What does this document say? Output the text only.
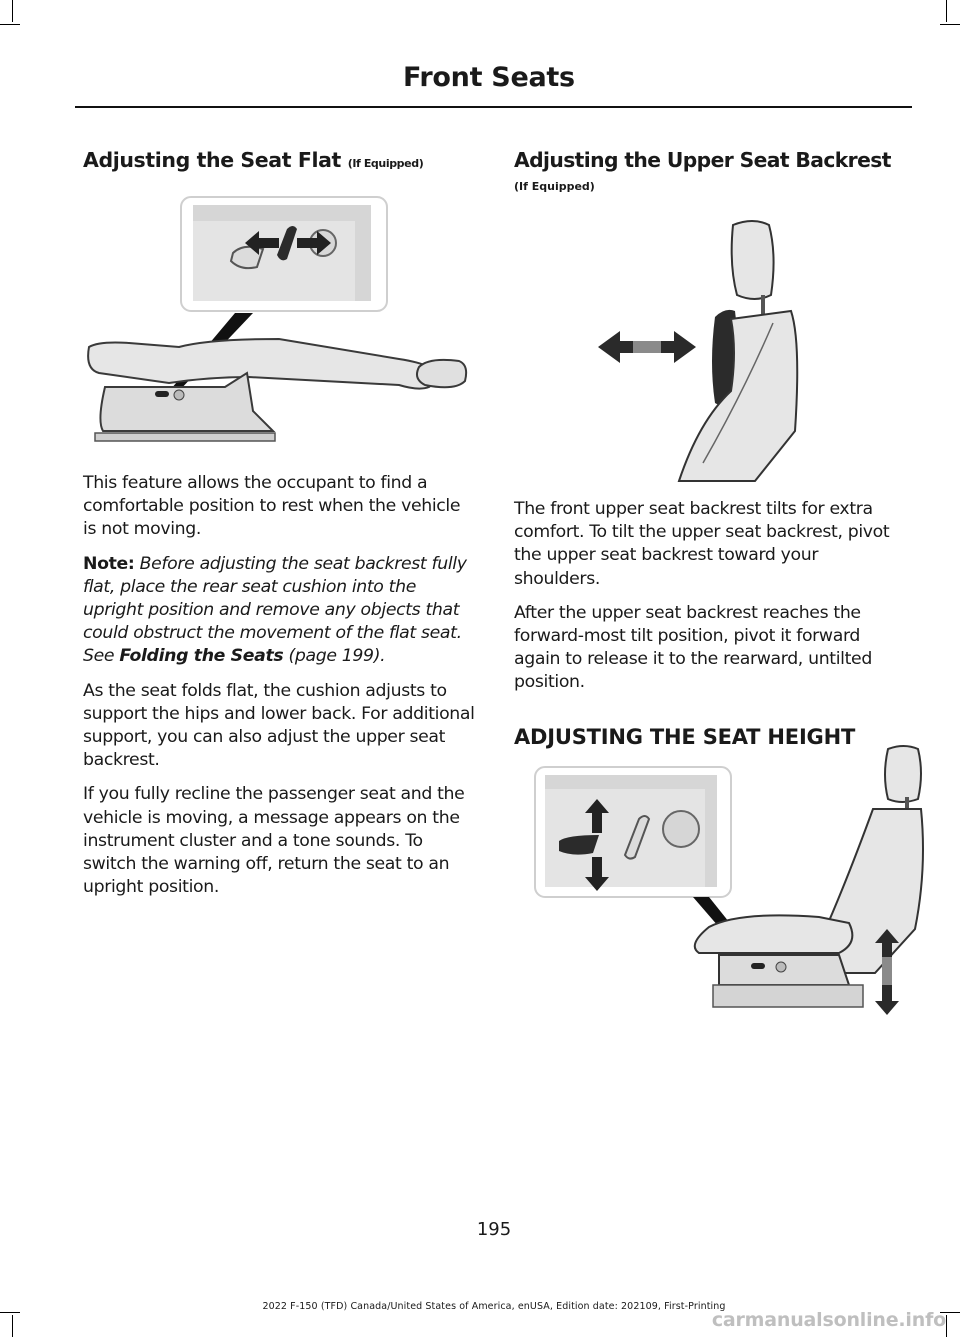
Front Seats
Adjusting the Seat Flat (If Equipped)

This feature allows the occupant to find a comfortable position to rest when the vehicle is not moving.

Note: Before adjusting the seat backrest fully flat, place the rear seat cushion into the upright position and remove any objects that could obstruct the movement of the flat seat. See Folding the Seats (page 199).

As the seat folds flat, the cushion adjusts to support the hips and lower back. For additional support, you can also adjust the upper seat backrest.

If you fully recline the passenger seat and the vehicle is moving, a message appears on the instrument cluster and a tone sounds. To switch the warning off, return the seat to an upright position.

Adjusting the Upper Seat Backrest
(If Equipped)

The front upper seat backrest tilts for extra comfort. To tilt the upper seat backrest, pivot the upper seat backrest toward your shoulders.

After the upper seat backrest reaches the forward-most tilt position, pivot it forward again to release it to the rearward, untilted position.

ADJUSTING THE SEAT HEIGHT
195
2022 F-150 (TFD) Canada/United States of America, enUSA, Edition date: 202109, First-Printing
carmanualsonline.info
